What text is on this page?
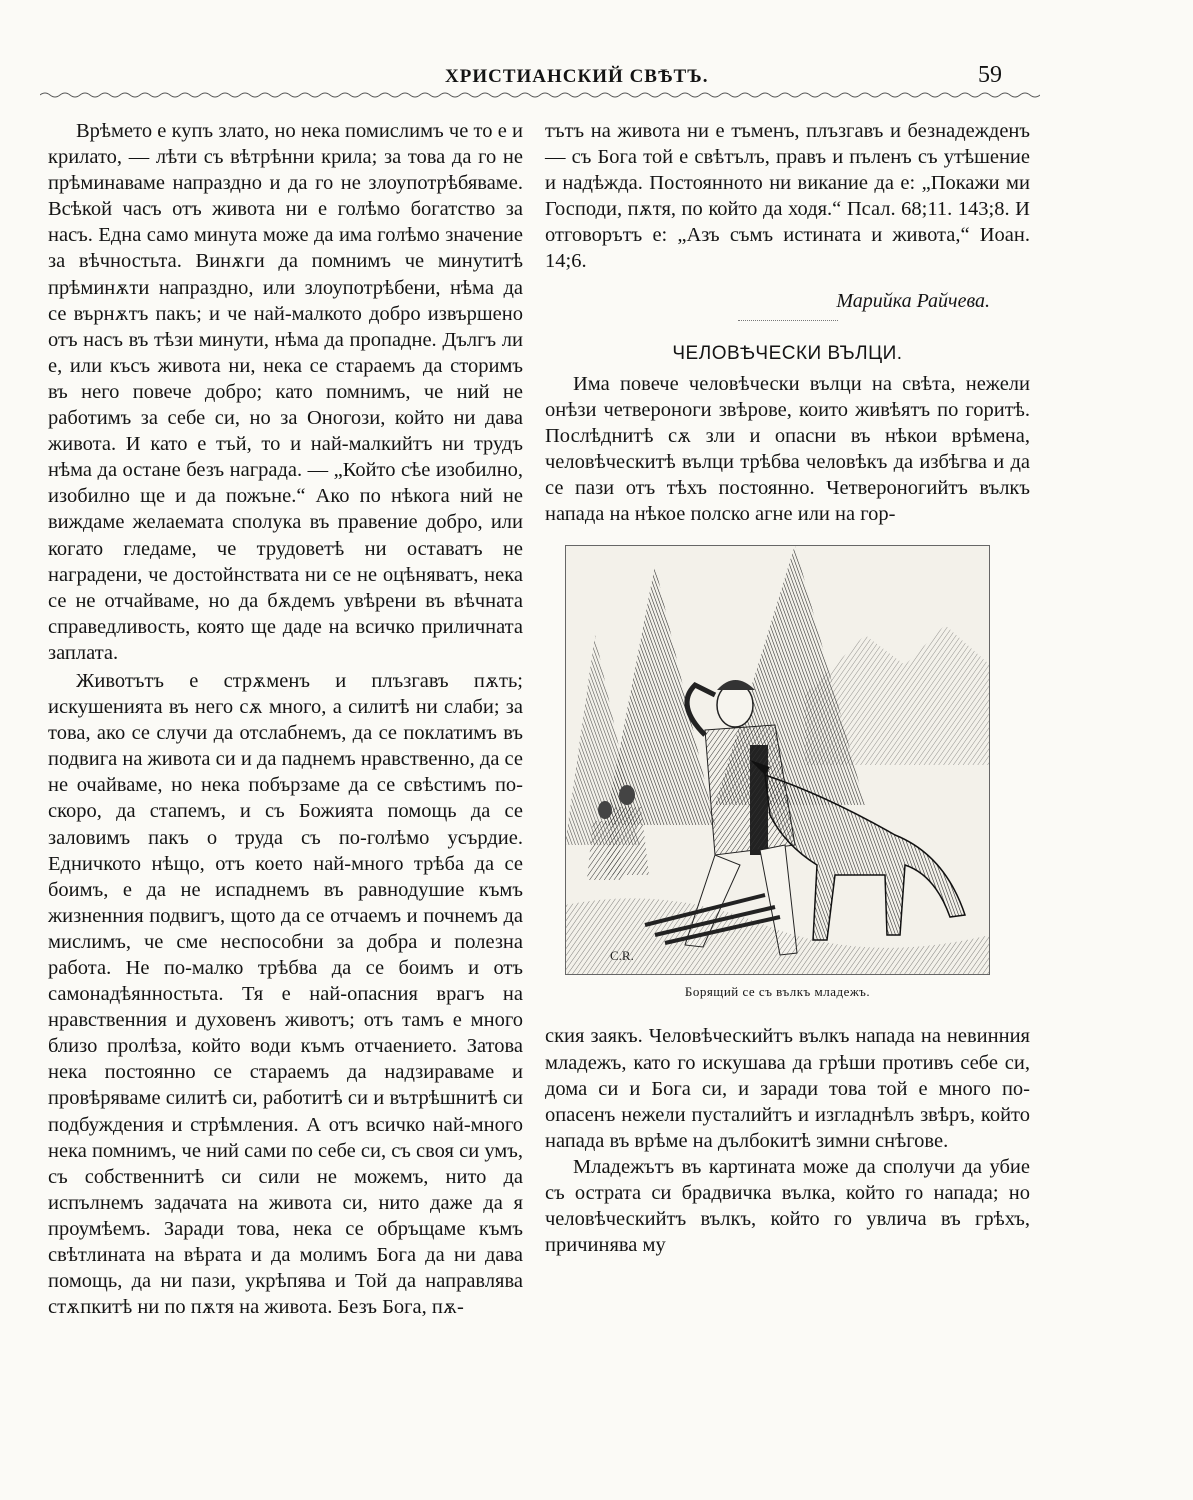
ХРИСТИАНСКИЙ СВѢТЪ.	59

Врѣмето е купъ злато, но нека помислимъ че то е и крилато, — лѣти съ вѣтрѣнни крила; за това да го не прѣминаваме напраздно и да го не злоупотрѣбяваме. Всѣкой часъ отъ живота ни е голѣмо богатство за насъ. Една само минута може да има голѣмо значение за вѣчностьта. Винѫги да помнимъ че минутитѣ прѣминѫти напраздно, или злоупотрѣбени, нѣма да се върнѫтъ пакъ; и че най-малкото добро извършено отъ насъ въ тѣзи минути, нѣма да пропадне. Дългъ ли е, или късъ живота ни, нека се стараемъ да сторимъ въ него повече добро; като помнимъ, че ний не работимъ за себе си, но за Оногози, който ни дава живота. И като е тъй, то и най-малкийтъ ни трудъ нѣма да остане безъ награда. — „Който сѣе изобилно, изобилно ще и да пожъне.“ Ако по нѣкога ний не виждаме желаемата сполука въ правение добро, или когато гледаме, че трудоветѣ ни оставатъ не наградени, че достойнствата ни се не оцѣняватъ, нека се не отчайваме, но да бѫдемъ увѣрени въ вѣчната справедливость, която ще даде на всичко приличната заплата.

Животътъ е стрѫменъ и плъзгавъ пѫть; искушенията въ него сѫ много, а силитѣ ни слаби; за това, ако се случи да отслабнемъ, да се поклатимъ въ подвига на живота си и да паднемъ нравственно, да се не очайваме, но нека побързаме да се свѣстимъ по-скоро, да стапемъ, и съ Божията помощь да се заловимъ пакъ о труда съ по-голѣмо усърдие. Едничкото нѣщо, отъ което най-много трѣба да се боимъ, е да не испаднемъ въ равнодушие къмъ жизненния подвигъ, щото да се отчаемъ и почнемъ да мислимъ, че сме неспособни за добра и полезна работа. Не по-малко трѣбва да се боимъ и отъ самонадѣянностьта. Тя е най-опасния врагъ на нравственния и духовенъ животъ; отъ тамъ е много близо пролѣза, който води къмъ отчаението. Затова нека постоянно се стараемъ да надзираваме и провѣряваме силитѣ си, работитѣ си и вътрѣшнитѣ си подбуждения и стрѣмления. А отъ всичко най-много нека помнимъ, че ний сами по себе си, съ своя си умъ, съ собственнитѣ си сили не можемъ, нито да испълнемъ задачата на живота си, нито даже да я проумѣемъ. Заради това, нека се обръщаме къмъ свѣтлината на вѣрата и да молимъ Бога да ни дава помощь, да ни пази, укрѣпява и Той да направлява стѫпкитѣ ни по пѫтя на живота. Безъ Бога, пѫ-

тътъ на живота ни е тъменъ, плъзгавъ и безнадежденъ — съ Бога той е свѣтълъ, правъ и пъленъ съ утѣшение и надѣжда. Постоянното ни викание да е: „Покажи ми Господи, пѫтя, по който да ходя.“ Псал. 68;11. 143;8. И отговорътъ е: „Азъ съмъ истината и живота,“ Иоан. 14;6.

Марийка Райчева.
ЧЕЛОВѢЧЕСКИ ВЪЛЦИ.

Има повече человѣчески вълци на свѣта, нежели онѣзи четвероноги звѣрове, които живѣятъ по горитѣ. Послѣднитѣ сѫ зли и опасни въ нѣкои врѣмена, человѣческитѣ вълци трѣбва человѣкъ да избѣгва и да се пази отъ тѣхъ постоянно. Четвероногийтъ вълкъ напада на нѣкое полско агне или на гор-

C.R.
Борящий се съ вълкъ младежъ.

ския заякъ. Человѣческийтъ вълкъ напада на невинния младежъ, като го искушава да грѣши противъ себе си, дома си и Бога си, и заради това той е много по-опасенъ нежели пусталийтъ и изгладнѣлъ звѣръ, който напада въ врѣме на дълбокитѣ зимни снѣгове.

Младежътъ въ картината може да сполучи да убие съ острата си брадвичка вълка, който го напада; но человѣческийтъ вълкъ, който го увлича въ грѣхъ, причинява му
